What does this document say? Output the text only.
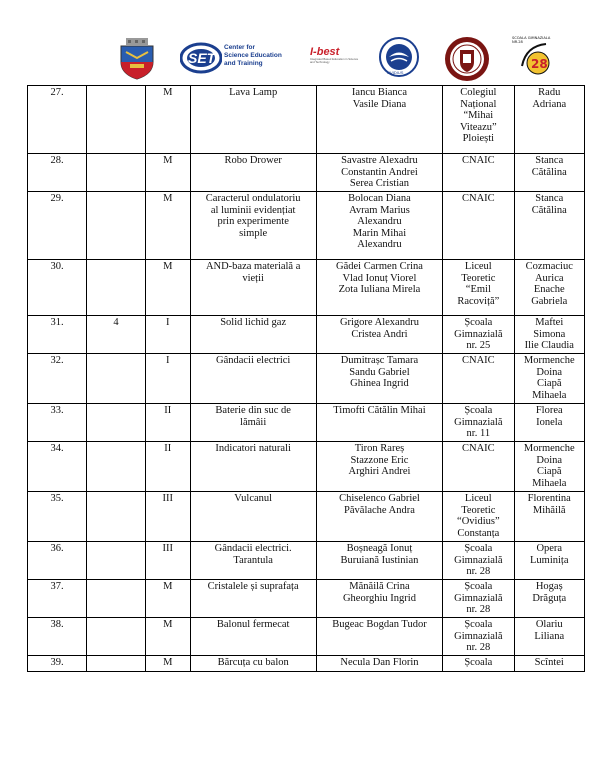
SET
Center for
Science Education
and Training
I-best
Integrated Based Education in Science and Technology
OVIDIUS
28
SCOALA GIMNAZIALA NR.28
27.		M	Lava Lamp	Iancu Bianca
Vasile Diana	Colegiul
Național
“Mihai
Viteazu”
Ploiești	Radu
Adriana
28.		M	Robo Drower	Savastre Alexadru
Constantin Andrei
Serea Cristian	CNAIC	Stanca
Cătălina
29.		M	Caracterul ondulatoriu
al luminii evidențiat
prin experimente
simple	Bolocan Diana
Avram Marius
Alexandru
Marin Mihai
Alexandru	CNAIC	Stanca
Cătălina
30.		M	AND-baza materială a
vieții	Gădei Carmen Crina
Vlad Ionuț Viorel
Zota Iuliana Mirela	Liceul
Teoretic
“Emil
Racoviță”	Cozmaciuc
Aurica
Enache
Gabriela
31.	4	I	Solid lichid gaz	Grigore Alexandru
Cristea Andri	Școala
Gimnazială
nr. 25	Maftei
Simona
Ilie Claudia
32.		I	Gândacii electrici	Dumitrașc Tamara
Sandu Gabriel
Ghinea Ingrid	CNAIC	Mormenche
Doina
Ciapă
Mihaela
33.		II	Baterie din suc de
lămâii	Timofti Cătălin Mihai	Școala
Gimnazială
nr. 11	Florea
Ionela
34.		II	Indicatori naturali	Tiron Rareș
Stazzone Eric
Arghiri Andrei	CNAIC	Mormenche
Doina
Ciapă
Mihaela
35.		III	Vulcanul	Chiselenco Gabriel
Păvălache Andra	Liceul
Teoretic
“Ovidius”
Constanța	Florentina
Mihăilă
36.		III	Gândacii electrici.
Tarantula	Boșneagă Ionuț
Buruiană Iustinian	Școala
Gimnazială
nr. 28	Opera
Luminița
37.		M	Cristalele și suprafața	Mănăilă Crina
Gheorghiu Ingrid	Școala
Gimnazială
nr. 28	Hogaș
Drăguța
38.		M	Balonul fermecat	Bugeac Bogdan Tudor	Școala
Gimnazială
nr. 28	Olariu
Liliana
39.		M	Bărcuța cu balon	Necula Dan Florin	Școala	Scîntei
